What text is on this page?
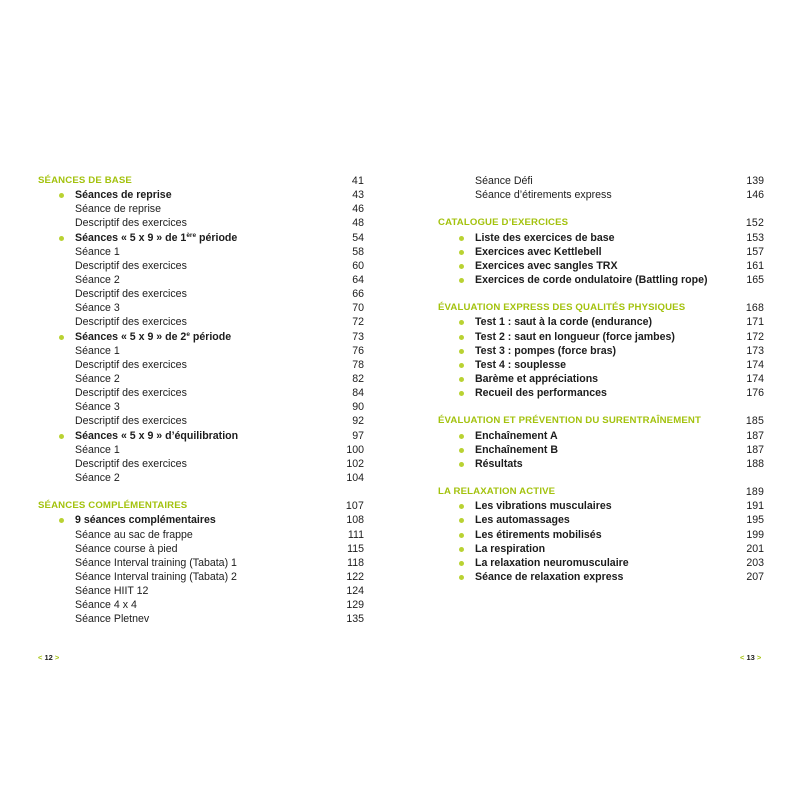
SÉANCES DE BASE	41
Séances de reprise	43
Séance de reprise	46
Descriptif des exercices	48
Séances « 5 x 9 » de 1ère période	54
Séance 1	58
Descriptif des exercices	60
Séance 2	64
Descriptif des exercices	66
Séance 3	70
Descriptif des exercices	72
Séances « 5 x 9 » de 2e période	73
Séance 1	76
Descriptif des exercices	78
Séance 2	82
Descriptif des exercices	84
Séance 3	90
Descriptif des exercices	92
Séances « 5 x 9 » d’équilibration	97
Séance 1	100
Descriptif des exercices	102
Séance 2	104
SÉANCES COMPLÉMENTAIRES	107
9 séances complémentaires	108
Séance au sac de frappe	111
Séance course à pied	115
Séance Interval training (Tabata) 1	118
Séance Interval training (Tabata) 2	122
Séance HIIT 12	124
Séance 4 x 4	129
Séance Pletnev	135
Séance Défi	139
Séance d’étirements express	146
CATALOGUE D’EXERCICES	152
Liste des exercices de base	153
Exercices avec Kettlebell	157
Exercices avec sangles TRX	161
Exercices de corde ondulatoire (Battling rope)	165
ÉVALUATION EXPRESS DES QUALITÉS PHYSIQUES	168
Test 1 : saut à la corde (endurance)	171
Test 2 : saut en longueur (force jambes)	172
Test 3 : pompes (force bras)	173
Test 4 : souplesse	174
Barème et appréciations	174
Recueil des performances	176
ÉVALUATION ET PRÉVENTION DU SURENTRAÎNEMENT	185
Enchaînement A	187
Enchaînement B	187
Résultats	188
LA RELAXATION ACTIVE	189
Les vibrations musculaires	191
Les automassages	195
Les étirements mobilisés	199
La respiration	201
La relaxation neuromusculaire	203
Séance de relaxation express	207
< 12 >	< 13 >
